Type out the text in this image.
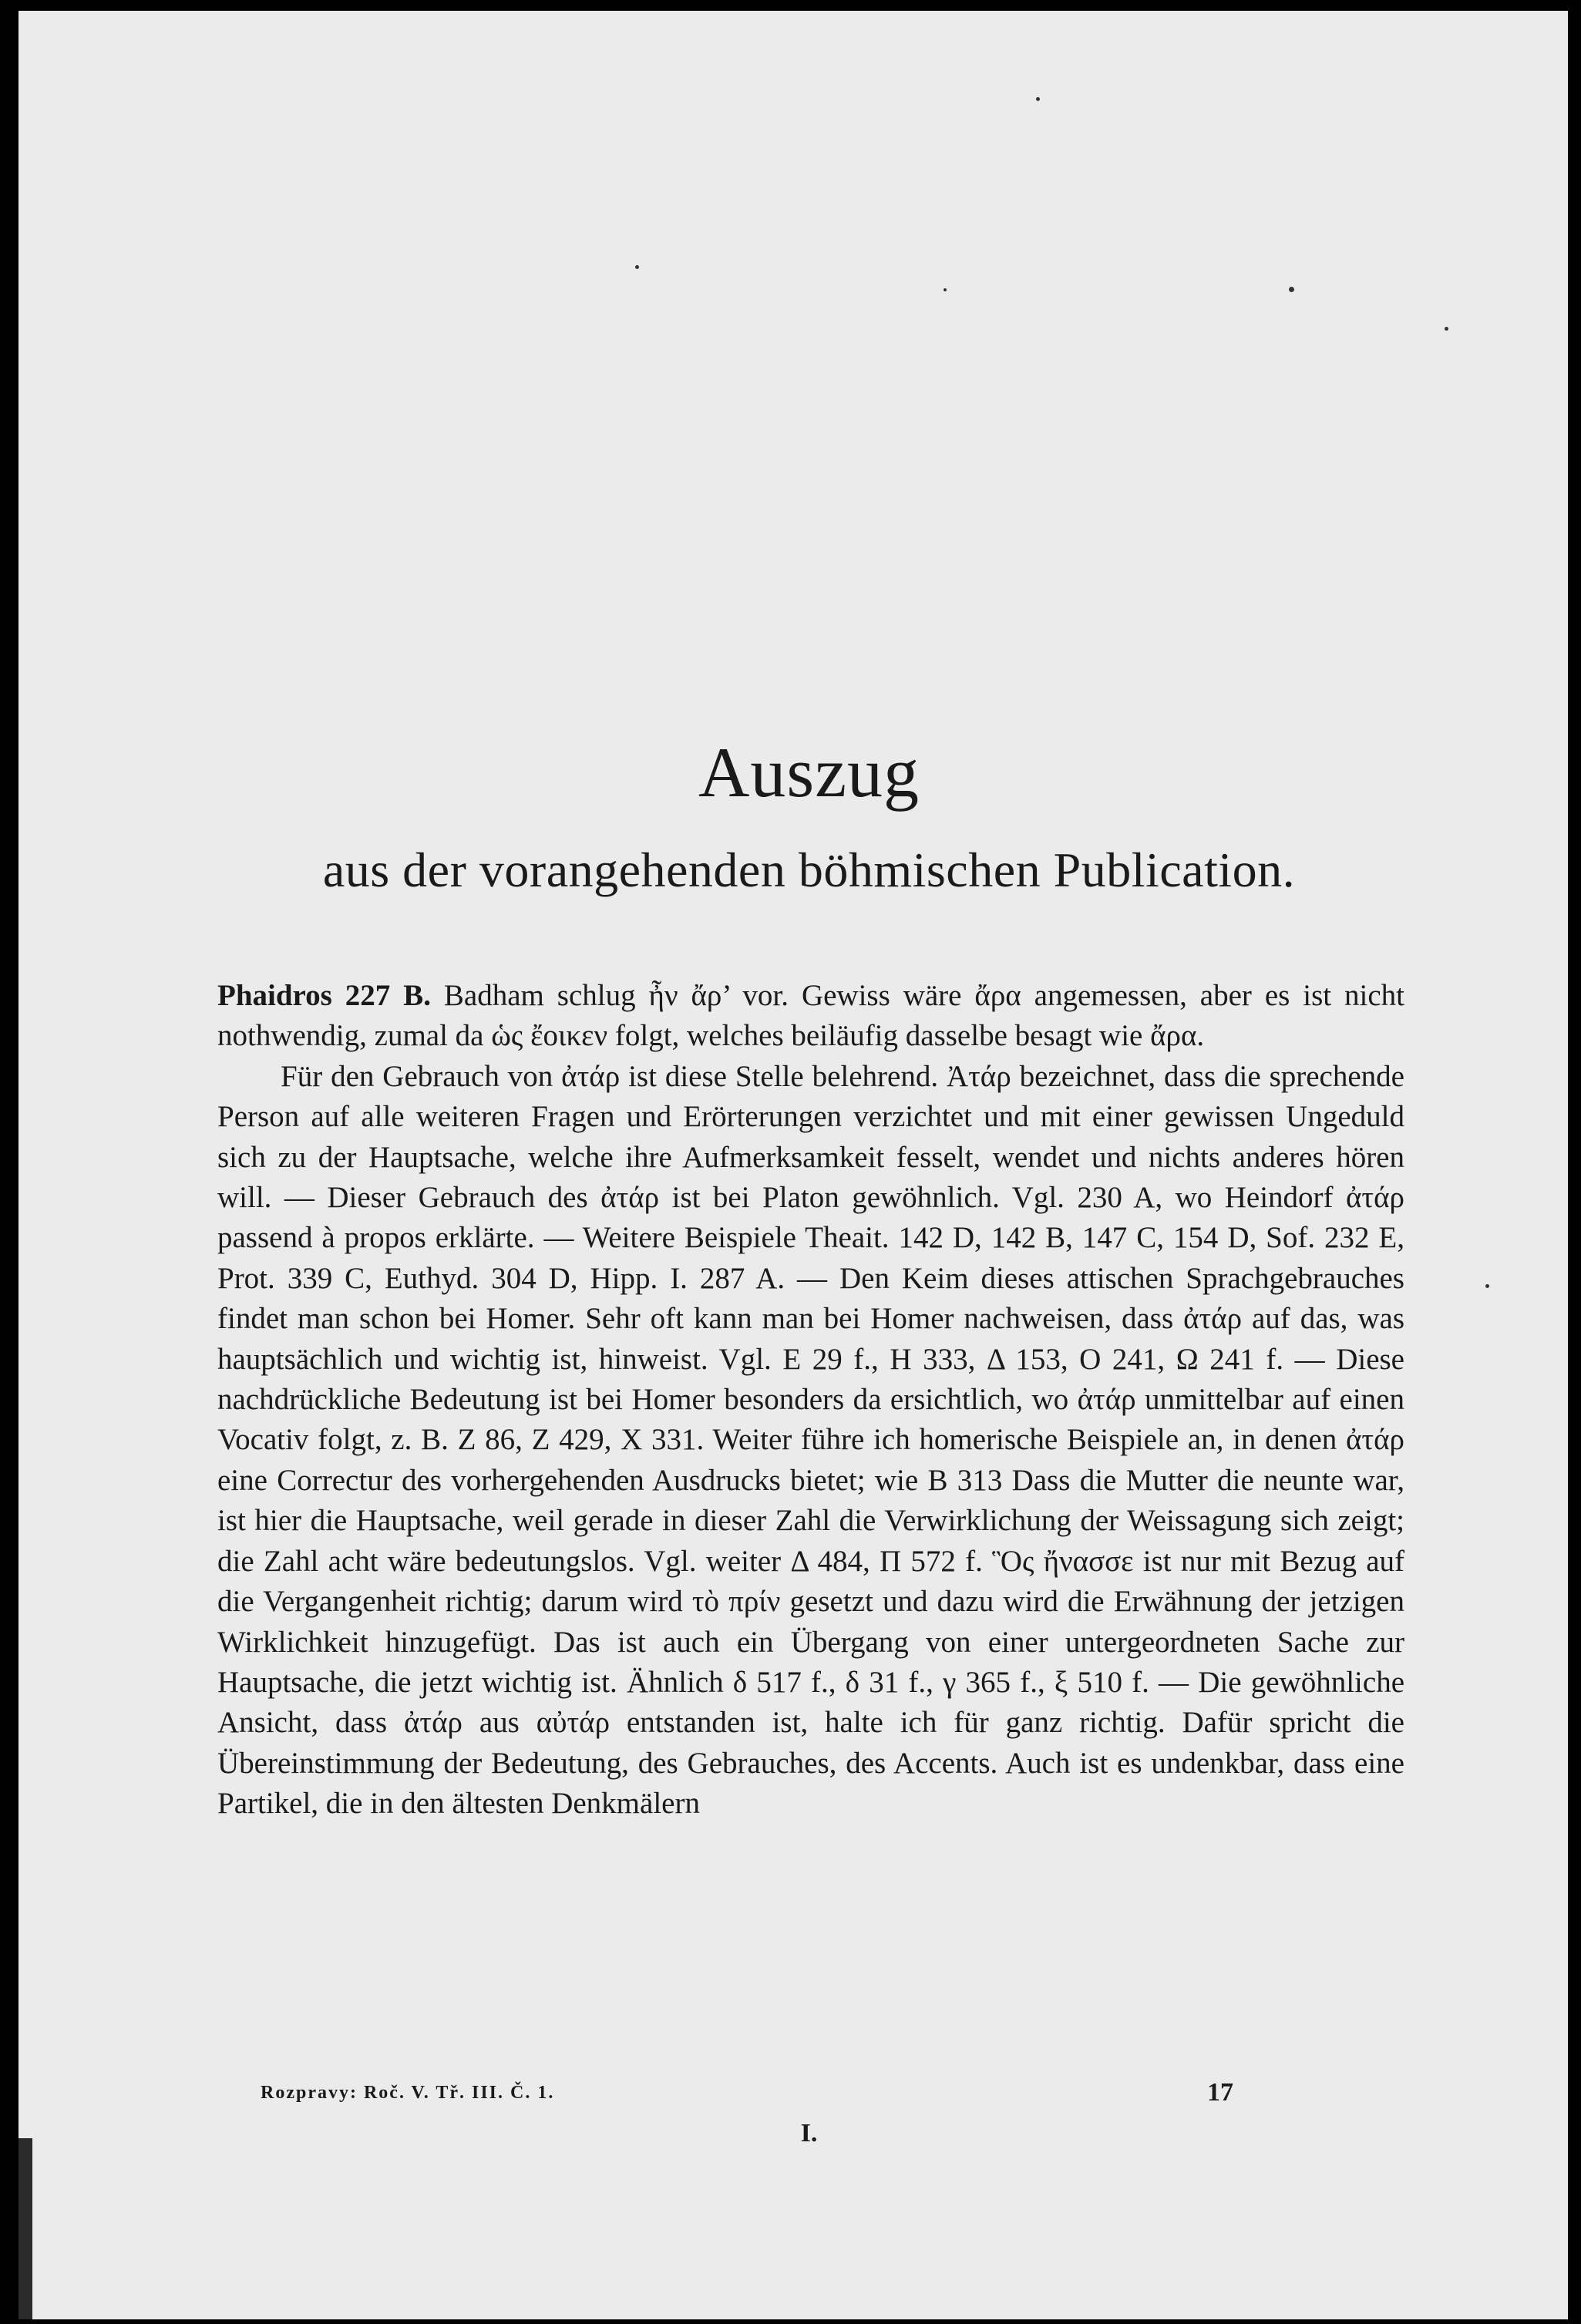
Auszug
aus der vorangehenden böhmischen Publication.

Phaidros 227 B. Badham schlug ἦν ἄρ’ vor. Gewiss wäre ἄρα angemessen, aber es ist nicht nothwendig, zumal da ὡς ἔοικεν folgt, welches beiläufig dasselbe besagt wie ἄρα.

Für den Gebrauch von ἀτάρ ist diese Stelle belehrend. Ἀτάρ bezeichnet, dass die sprechende Person auf alle weiteren Fragen und Erörterungen verzichtet und mit einer gewissen Ungeduld sich zu der Hauptsache, welche ihre Aufmerksamkeit fesselt, wendet und nichts anderes hören will. — Dieser Gebrauch des ἀτάρ ist bei Platon gewöhnlich. Vgl. 230 A, wo Heindorf ἀτάρ passend à propos erklärte. — Weitere Beispiele Theait. 142 D, 142 B, 147 C, 154 D, Sof. 232 E, Prot. 339 C, Euthyd. 304 D, Hipp. I. 287 A. — Den Keim dieses attischen Sprachgebrauches findet man schon bei Homer. Sehr oft kann man bei Homer nachweisen, dass ἀτάρ auf das, was hauptsächlich und wichtig ist, hinweist. Vgl. E 29 f., H 333, Δ 153, O 241, Ω 241 f. — Diese nachdrückliche Bedeutung ist bei Homer besonders da ersichtlich, wo ἀτάρ unmittelbar auf einen Vocativ folgt, z. B. Z 86, Z 429, X 331. Weiter führe ich homerische Beispiele an, in denen ἀτάρ eine Correctur des vorhergehenden Ausdrucks bietet; wie B 313 Dass die Mutter die neunte war, ist hier die Hauptsache, weil gerade in dieser Zahl die Verwirklichung der Weissagung sich zeigt; die Zahl acht wäre bedeutungslos. Vgl. weiter Δ 484, Π 572 f. Ὃς ἤνασσε ist nur mit Bezug auf die Vergangenheit richtig; darum wird τὸ πρίν gesetzt und dazu wird die Erwähnung der jetzigen Wirklichkeit hinzugefügt. Das ist auch ein Übergang von einer untergeordneten Sache zur Hauptsache, die jetzt wichtig ist. Ähnlich δ 517 f., δ 31 f., γ 365 f., ξ 510 f. — Die gewöhnliche Ansicht, dass ἀτάρ aus αὐτάρ entstanden ist, halte ich für ganz richtig. Dafür spricht die Übereinstimmung der Bedeutung, des Gebrauches, des Accents. Auch ist es undenkbar, dass eine Partikel, die in den ältesten Denkmälern

Rozpravy: Roč. V. Tř. III. Č. 1.	17
I.
